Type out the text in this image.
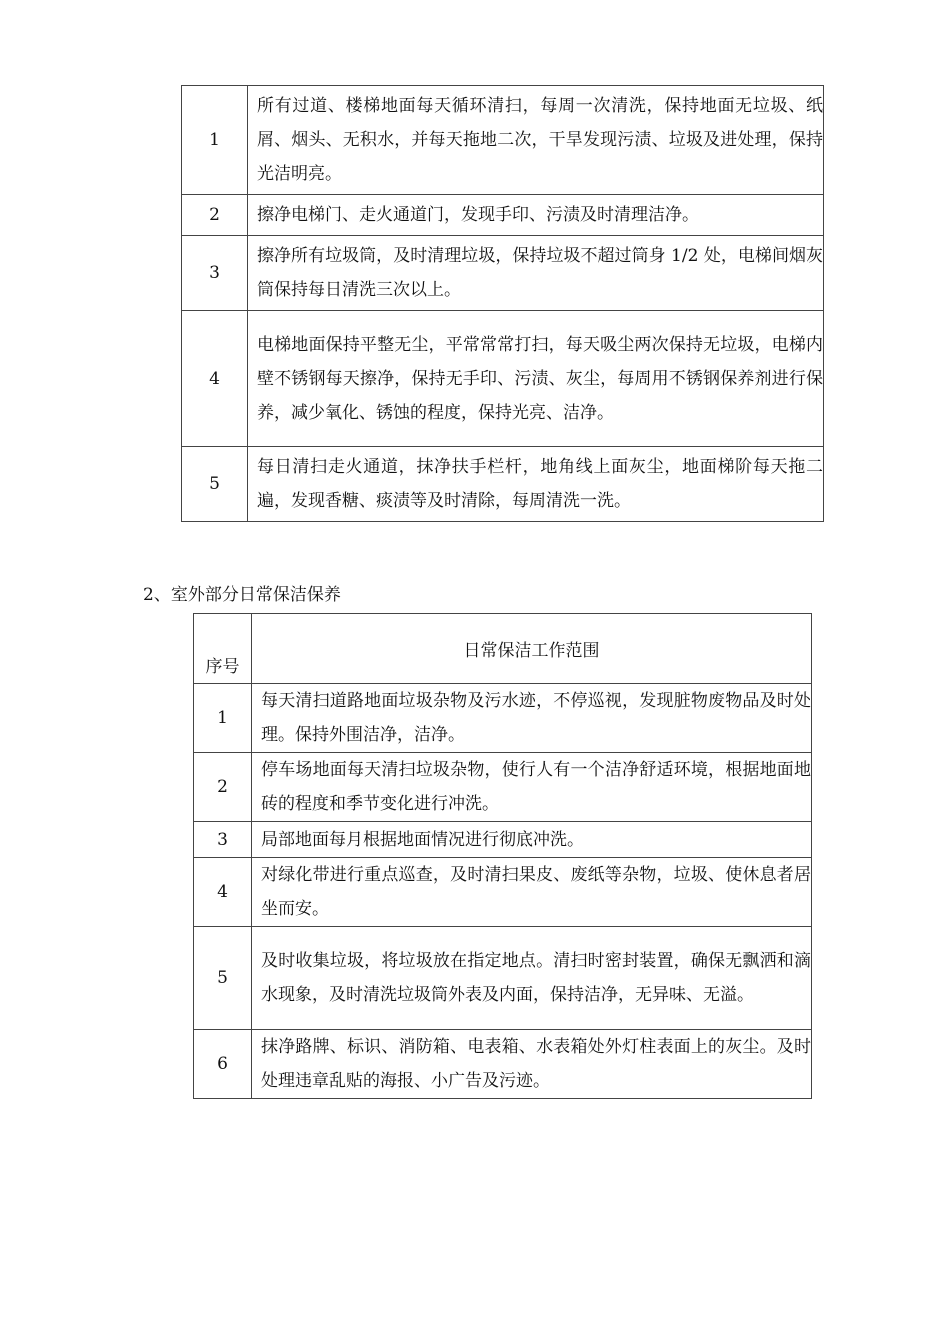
1	所有过道、楼梯地面每天循环清扫，每周一次清洗，保持地面无垃圾、纸屑、烟头、无积水，并每天拖地二次，干旱发现污渍、垃圾及进处理，保持光洁明亮。
2	擦净电梯门、走火通道门，发现手印、污渍及时清理洁净。
3	擦净所有垃圾筒，及时清理垃圾，保持垃圾不超过筒身 1/2 处，电梯间烟灰筒保持每日清洗三次以上。
4	电梯地面保持平整无尘，平常常常打扫，每天吸尘两次保持无垃圾，电梯内壁不锈钢每天擦净，保持无手印、污渍、灰尘，每周用不锈钢保养剂进行保养，减少氧化、锈蚀的程度，保持光亮、洁净。
5	每日清扫走火通道，抹净扶手栏杆，地角线上面灰尘，地面梯阶每天拖二遍，发现香糖、痰渍等及时清除，每周清洗一洗。

2、室外部分日常保洁保养

序号	日常保洁工作范围
1	每天清扫道路地面垃圾杂物及污水迹，不停巡视，发现脏物废物品及时处理。保持外围洁净，洁净。
2	停车场地面每天清扫垃圾杂物，使行人有一个洁净舒适环境，根据地面地砖的程度和季节变化进行冲洗。
3	局部地面每月根据地面情况进行彻底冲洗。
4	对绿化带进行重点巡查，及时清扫果皮、废纸等杂物，垃圾、使休息者居坐而安。
5	及时收集垃圾，将垃圾放在指定地点。清扫时密封装置，确保无飘洒和滴水现象，及时清洗垃圾筒外表及内面，保持洁净，无异味、无溢。
6	抹净路牌、标识、消防箱、电表箱、水表箱处外灯柱表面上的灰尘。及时处理违章乱贴的海报、小广告及污迹。
